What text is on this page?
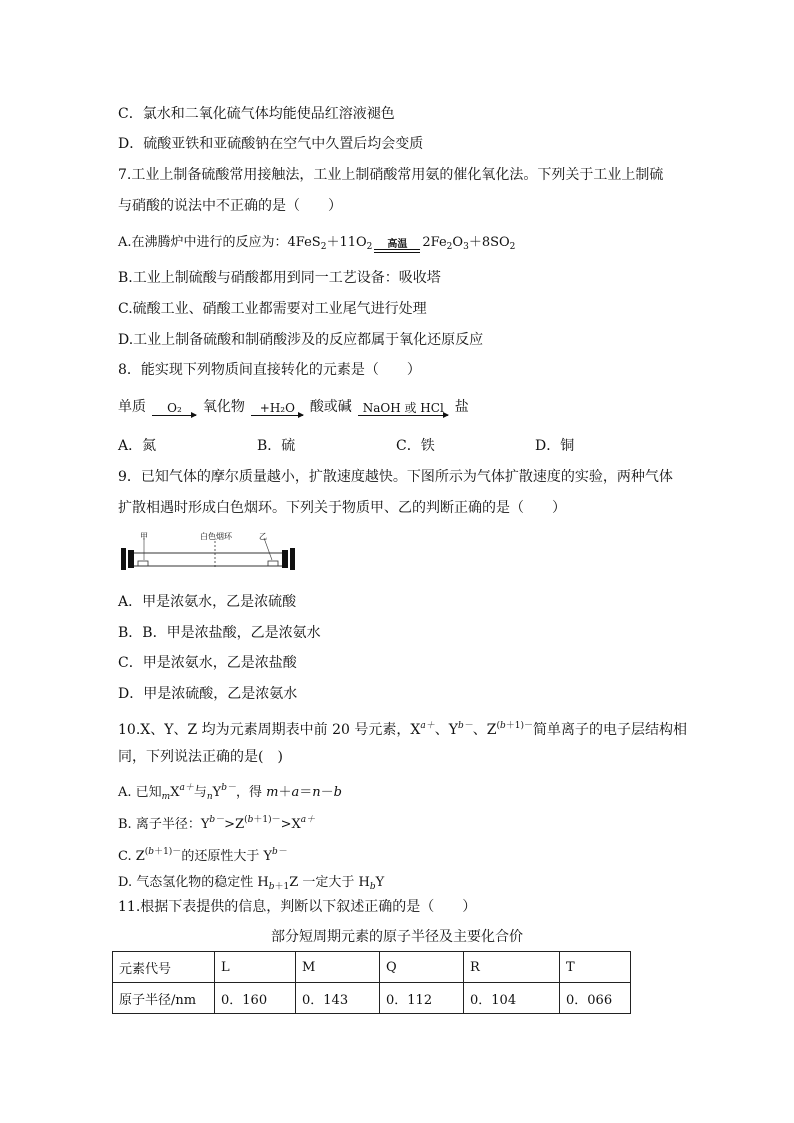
C．氯水和二氧化硫气体均能使品红溶液褪色
D．硫酸亚铁和亚硫酸钠在空气中久置后均会变质
7.工业上制备硫酸常用接触法，工业上制硝酸常用氨的催化氧化法。下列关于工业上制硫
与硝酸的说法中不正确的是（　　）
A.在沸腾炉中进行的反应为：$4FeS_2+11O_2$	高温	$2Fe_2O_3+8SO_2$
B.工业上制硫酸与硝酸都用到同一工艺设备：吸收塔
C.硫酸工业、硝酸工业都需要对工业尾气进行处理
D.工业上制备硫酸和制硝酸涉及的反应都属于氧化还原反应
8．能实现下列物质间直接转化的元素是（　　）
单质	O₂	氧化物	+H₂O	酸或碱 NaOH 或 HCl 盐
A．氮	B．硫	C．铁	D．铜
9．已知气体的摩尔质量越小，扩散速度越快。下图所示为气体扩散速度的实验，两种气体
扩散相遇时形成白色烟环。下列关于物质甲、乙的判断正确的是（　　）
甲	白色烟环	乙
A．甲是浓氨水，乙是浓硫酸
B．B．甲是浓盐酸，乙是浓氨水
C．甲是浓氨水，乙是浓盐酸
D．甲是浓硫酸，乙是浓氨水
10.X、Y、Z 均为元素周期表中前 20 号元素，$X^{a+}$、$Y^{b-}$、$Z^{(b+1)-}$简单离子的电子层结构相
同，下列说法正确的是(　)
A. 已知$_mX^{a+}$与$_nY^{b-}$，得 m＋a＝n－b
B. 离子半径：$Y^{b-}>Z^{(b+1)-}>X^{a+}$
C. $Z^{(b+1)-}$的还原性大于 $Y^{b-}$
D. 气态氢化物的稳定性 $H_{b+1}Z$ 一定大于 $H_bY$
11.根据下表提供的信息，判断以下叙述正确的是（　　）
部分短周期元素的原子半径及主要化合价
元素代号	L	M	Q	R	T
原子半径/nm	0．160	0．143	0．112	0．104	0．066
